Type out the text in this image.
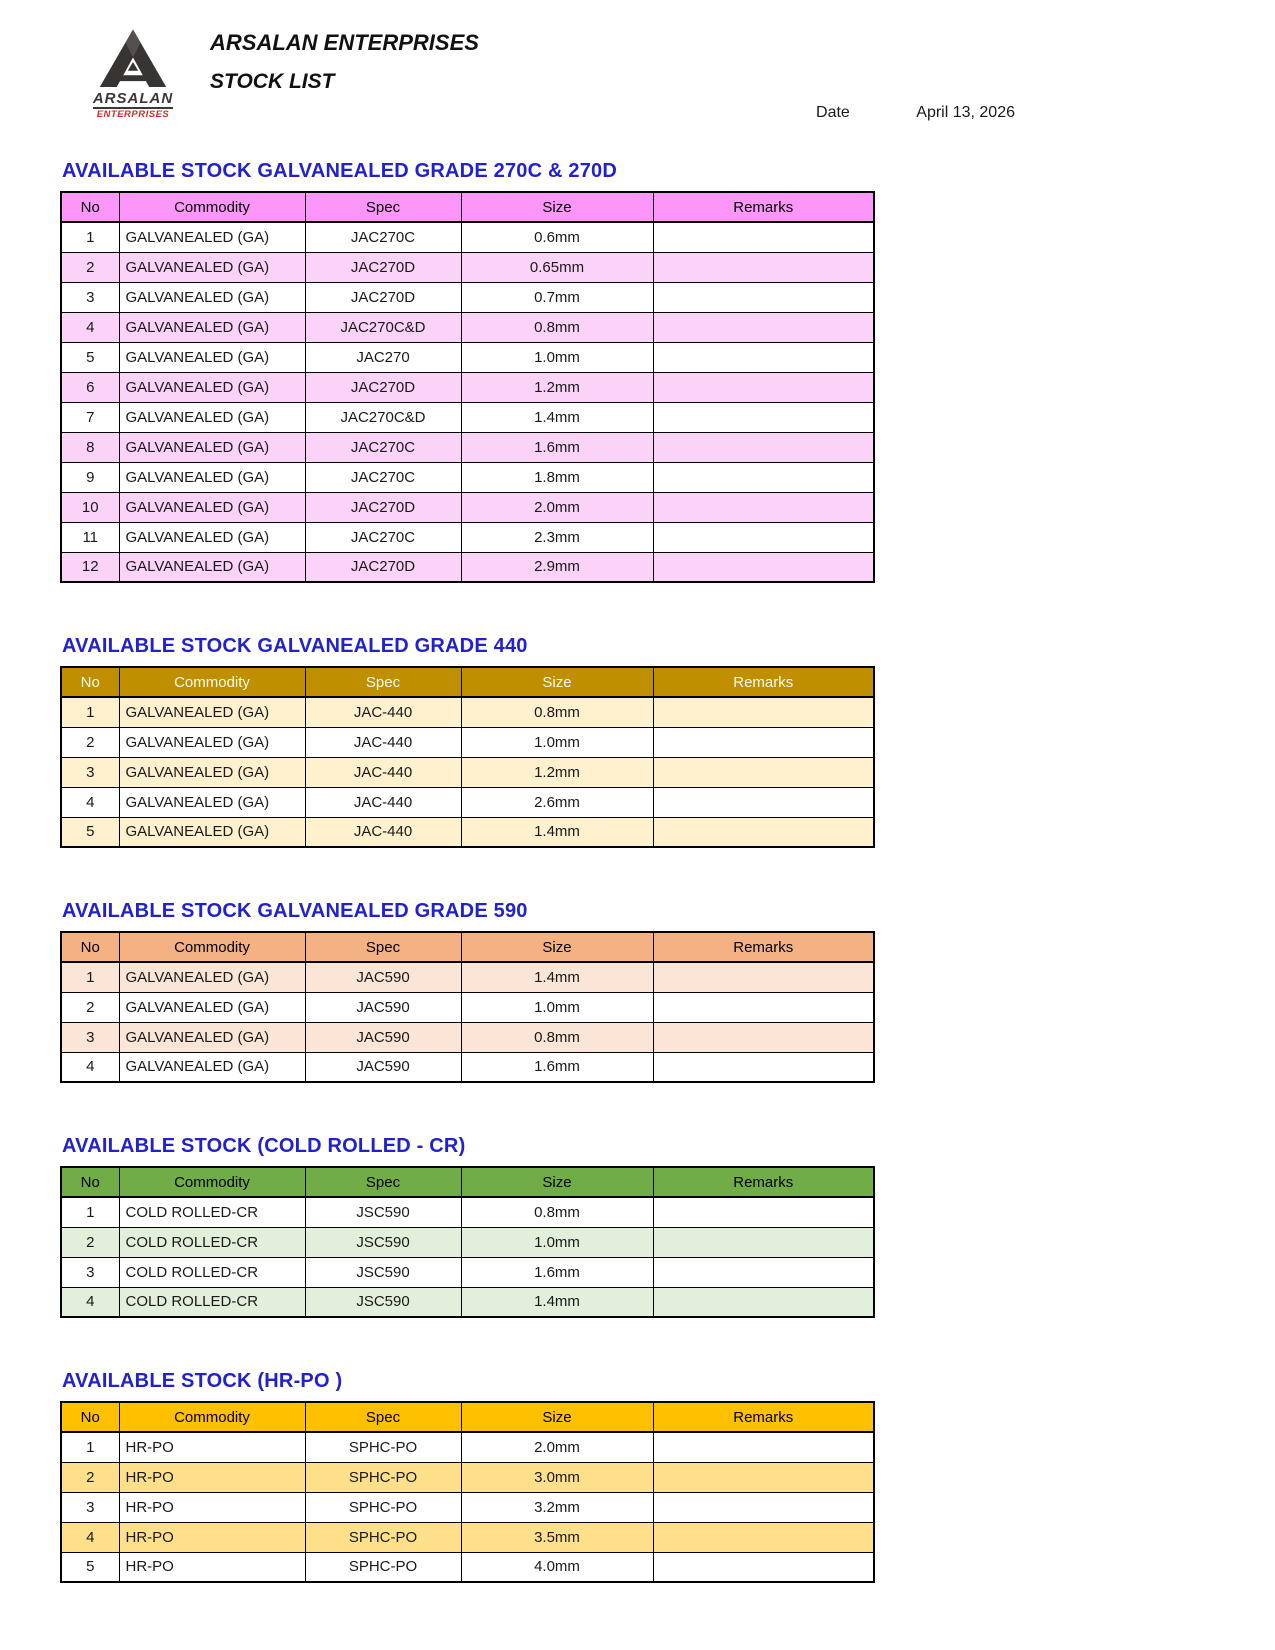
ARSALAN
ENTERPRISES
ARSALAN ENTERPRISES
STOCK LIST
Date	April 13, 2026
AVAILABLE STOCK GALVANEALED GRADE 270C & 270D
No	Commodity	Spec	Size	Remarks
1	GALVANEALED (GA)	JAC270C	0.6mm	
2	GALVANEALED (GA)	JAC270D	0.65mm	
3	GALVANEALED (GA)	JAC270D	0.7mm	
4	GALVANEALED (GA)	JAC270C&D	0.8mm	
5	GALVANEALED (GA)	JAC270	1.0mm	
6	GALVANEALED (GA)	JAC270D	1.2mm	
7	GALVANEALED (GA)	JAC270C&D	1.4mm	
8	GALVANEALED (GA)	JAC270C	1.6mm	
9	GALVANEALED (GA)	JAC270C	1.8mm	
10	GALVANEALED (GA)	JAC270D	2.0mm	
11	GALVANEALED (GA)	JAC270C	2.3mm	
12	GALVANEALED (GA)	JAC270D	2.9mm	
AVAILABLE STOCK GALVANEALED GRADE 440
No	Commodity	Spec	Size	Remarks
1	GALVANEALED (GA)	JAC-440	0.8mm	
2	GALVANEALED (GA)	JAC-440	1.0mm	
3	GALVANEALED (GA)	JAC-440	1.2mm	
4	GALVANEALED (GA)	JAC-440	2.6mm	
5	GALVANEALED (GA)	JAC-440	1.4mm	
AVAILABLE STOCK GALVANEALED GRADE 590
No	Commodity	Spec	Size	Remarks
1	GALVANEALED (GA)	JAC590	1.4mm	
2	GALVANEALED (GA)	JAC590	1.0mm	
3	GALVANEALED (GA)	JAC590	0.8mm	
4	GALVANEALED (GA)	JAC590	1.6mm	
AVAILABLE STOCK (COLD ROLLED - CR)
No	Commodity	Spec	Size	Remarks
1	COLD ROLLED-CR	JSC590	0.8mm	
2	COLD ROLLED-CR	JSC590	1.0mm	
3	COLD ROLLED-CR	JSC590	1.6mm	
4	COLD ROLLED-CR	JSC590	1.4mm	
AVAILABLE STOCK (HR-PO )
No	Commodity	Spec	Size	Remarks
1	HR-PO	SPHC-PO	2.0mm	
2	HR-PO	SPHC-PO	3.0mm	
3	HR-PO	SPHC-PO	3.2mm	
4	HR-PO	SPHC-PO	3.5mm	
5	HR-PO	SPHC-PO	4.0mm	
